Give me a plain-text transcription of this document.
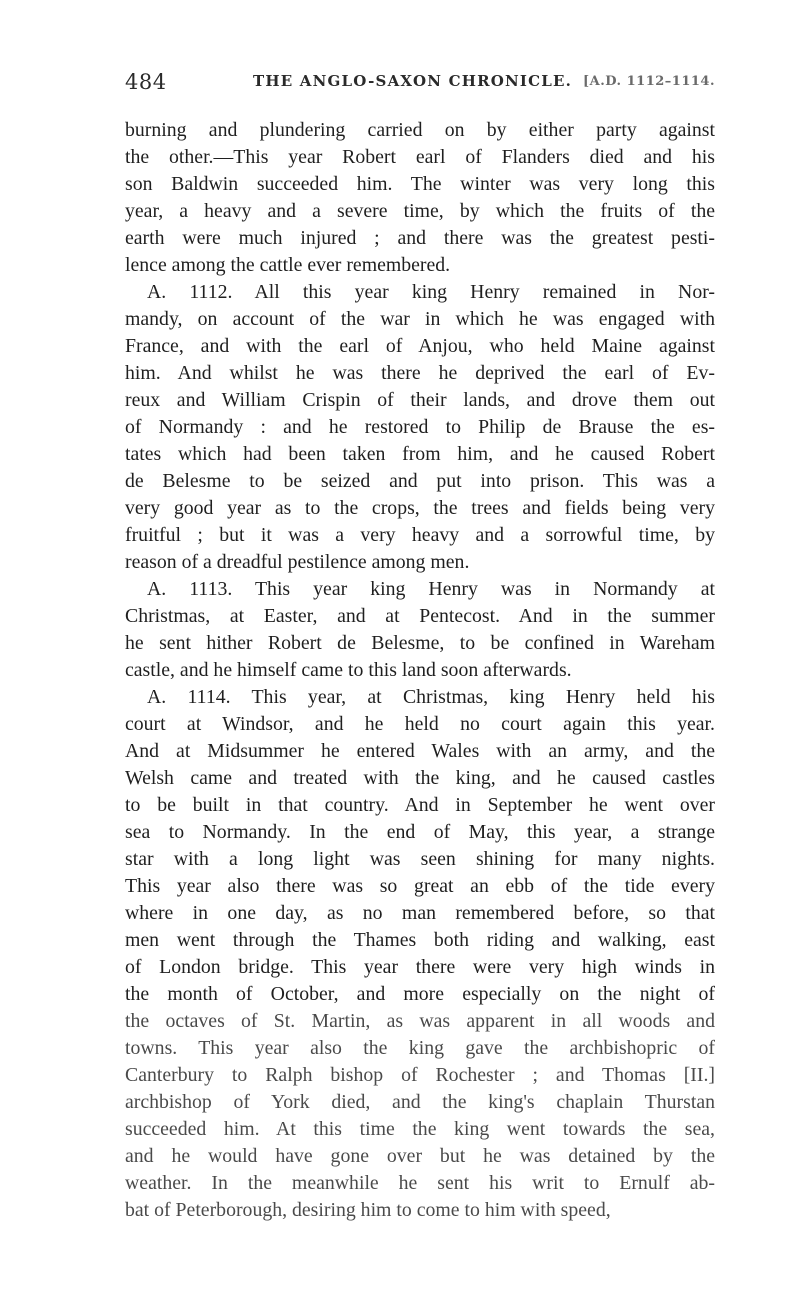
484	THE ANGLO-SAXON CHRONICLE. [A.D. 1112–1114.
burning and plundering carried on by either party against
the other.—This year Robert earl of Flanders died and his
son Baldwin succeeded him. The winter was very long this
year, a heavy and a severe time, by which the fruits of the
earth were much injured ; and there was the greatest pesti-
lence among the cattle ever remembered.
A. 1112. All this year king Henry remained in Nor-
mandy, on account of the war in which he was engaged with
France, and with the earl of Anjou, who held Maine against
him. And whilst he was there he deprived the earl of Ev-
reux and William Crispin of their lands, and drove them out
of Normandy : and he restored to Philip de Brause the es-
tates which had been taken from him, and he caused Robert
de Belesme to be seized and put into prison. This was a
very good year as to the crops, the trees and fields being very
fruitful ; but it was a very heavy and a sorrowful time, by
reason of a dreadful pestilence among men.
A. 1113. This year king Henry was in Normandy at
Christmas, at Easter, and at Pentecost. And in the summer
he sent hither Robert de Belesme, to be confined in Wareham
castle, and he himself came to this land soon afterwards.
A. 1114. This year, at Christmas, king Henry held his
court at Windsor, and he held no court again this year.
And at Midsummer he entered Wales with an army, and the
Welsh came and treated with the king, and he caused castles
to be built in that country. And in September he went over
sea to Normandy. In the end of May, this year, a strange
star with a long light was seen shining for many nights.
This year also there was so great an ebb of the tide every
where in one day, as no man remembered before, so that
men went through the Thames both riding and walking, east
of London bridge. This year there were very high winds in
the month of October, and more especially on the night of
the octaves of St. Martin, as was apparent in all woods and
towns. This year also the king gave the archbishopric of
Canterbury to Ralph bishop of Rochester ; and Thomas [II.]
archbishop of York died, and the king's chaplain Thurstan
succeeded him. At this time the king went towards the sea,
and he would have gone over but he was detained by the
weather. In the meanwhile he sent his writ to Ernulf ab-
bat of Peterborough, desiring him to come to him with speed,
